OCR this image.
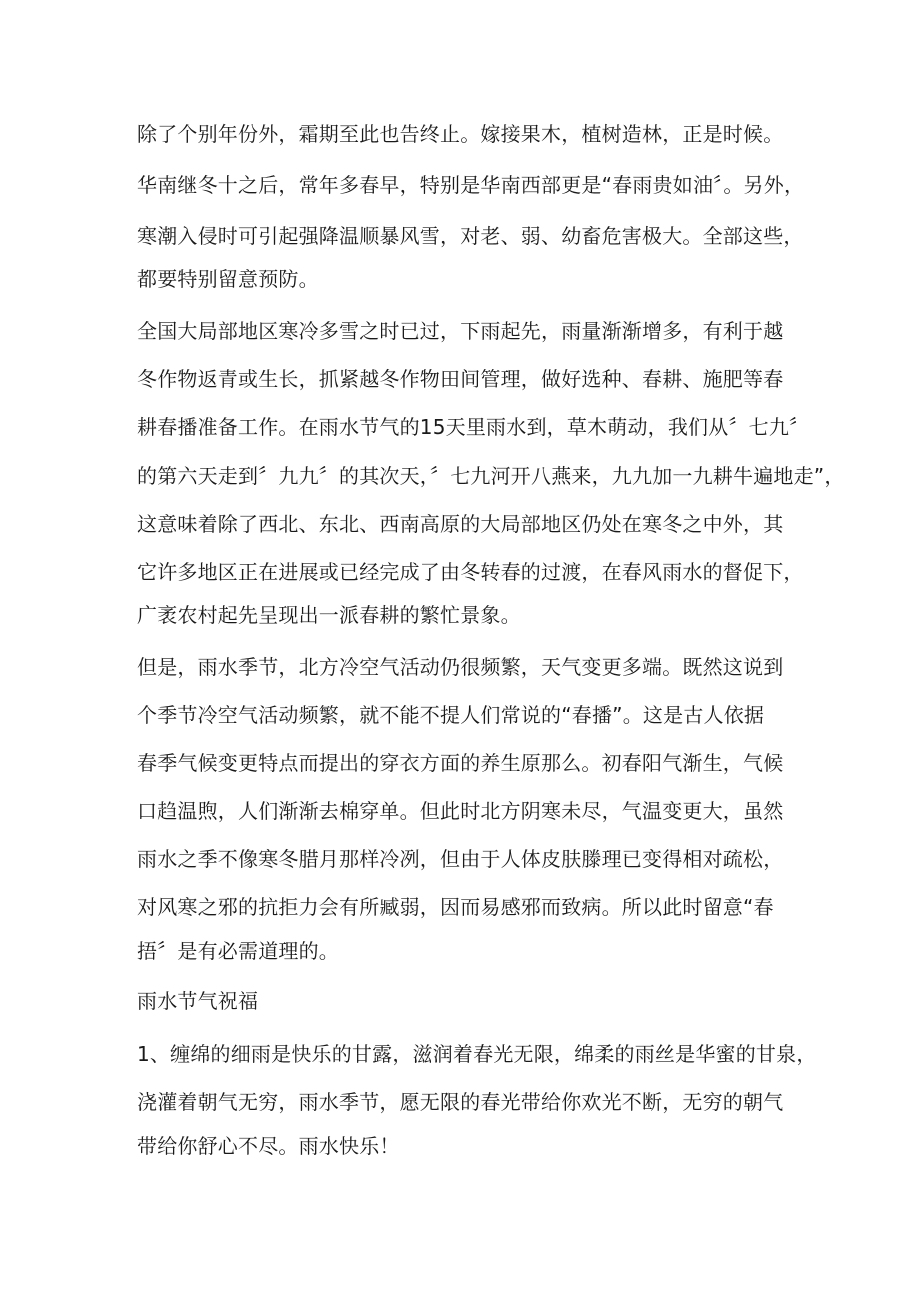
除了个别年份外，霜期至此也告终止。嫁接果木，植树造林，正是时候。
华南继冬十之后，常年多春早，特别是华南西部更是“春雨贵如油〞。另外，
寒潮入侵时可引起强降温顺暴风雪，对老、弱、幼畜危害极大。全部这些，
都要特别留意预防。
全国大局部地区寒冷多雪之时已过，下雨起先，雨量渐渐增多，有利于越
冬作物返青或生长，抓紧越冬作物田间管理，做好选种、春耕、施肥等春
耕春播准备工作。在雨水节气的15天里雨水到，草木萌动，我们从〞七九〞
的第六天走到〞九九〞的其次天，〞七九河开八燕来，九九加一九耕牛遍地走”，
这意味着除了西北、东北、西南高原的大局部地区仍处在寒冬之中外，其
它许多地区正在进展或已经完成了由冬转春的过渡，在春风雨水的督促下，
广袤农村起先呈现出一派春耕的繁忙景象。
但是，雨水季节，北方冷空气活动仍很频繁，天气变更多端。既然这说到
个季节冷空气活动频繁，就不能不提人们常说的“春播”。这是古人依据
春季气候变更特点而提出的穿衣方面的养生原那么。初春阳气渐生，气候
口趋温煦，人们渐渐去棉穿单。但此时北方阴寒未尽，气温变更大，虽然
雨水之季不像寒冬腊月那样冷冽，但由于人体皮肤滕理已变得相对疏松，
对风寒之邪的抗拒力会有所臧弱，因而易感邪而致病。所以此时留意“春
捂〞是有必需道理的。
雨水节气祝福
1、缠绵的细雨是快乐的甘露，滋润着春光无限，绵柔的雨丝是华蜜的甘泉，
浇灌着朝气无穷，雨水季节，愿无限的春光带给你欢光不断，无穷的朝气
带给你舒心不尽。雨水快乐！
